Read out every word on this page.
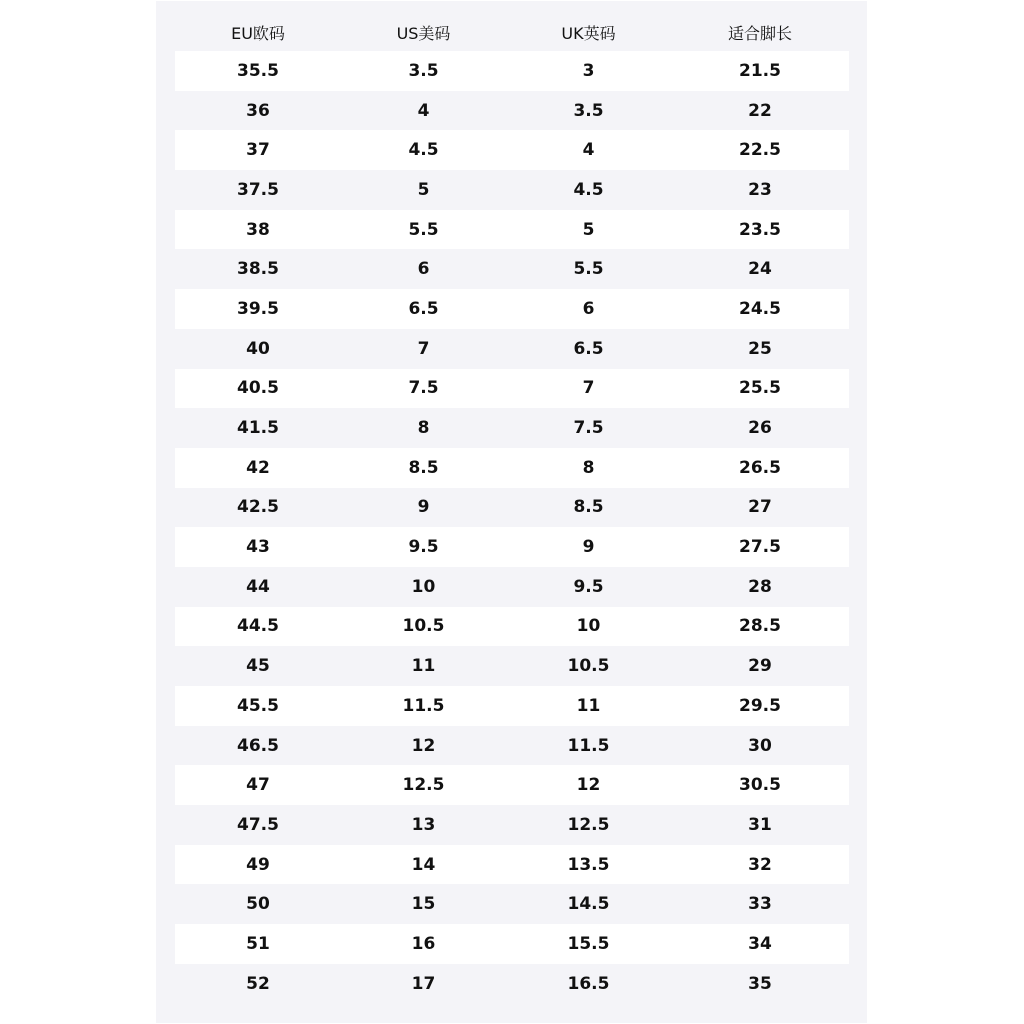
EU欧码	US美码	UK英码	适合脚长
35.5	3.5	3	21.5
36	4	3.5	22
37	4.5	4	22.5
37.5	5	4.5	23
38	5.5	5	23.5
38.5	6	5.5	24
39.5	6.5	6	24.5
40	7	6.5	25
40.5	7.5	7	25.5
41.5	8	7.5	26
42	8.5	8	26.5
42.5	9	8.5	27
43	9.5	9	27.5
44	10	9.5	28
44.5	10.5	10	28.5
45	11	10.5	29
45.5	11.5	11	29.5
46.5	12	11.5	30
47	12.5	12	30.5
47.5	13	12.5	31
49	14	13.5	32
50	15	14.5	33
51	16	15.5	34
52	17	16.5	35
